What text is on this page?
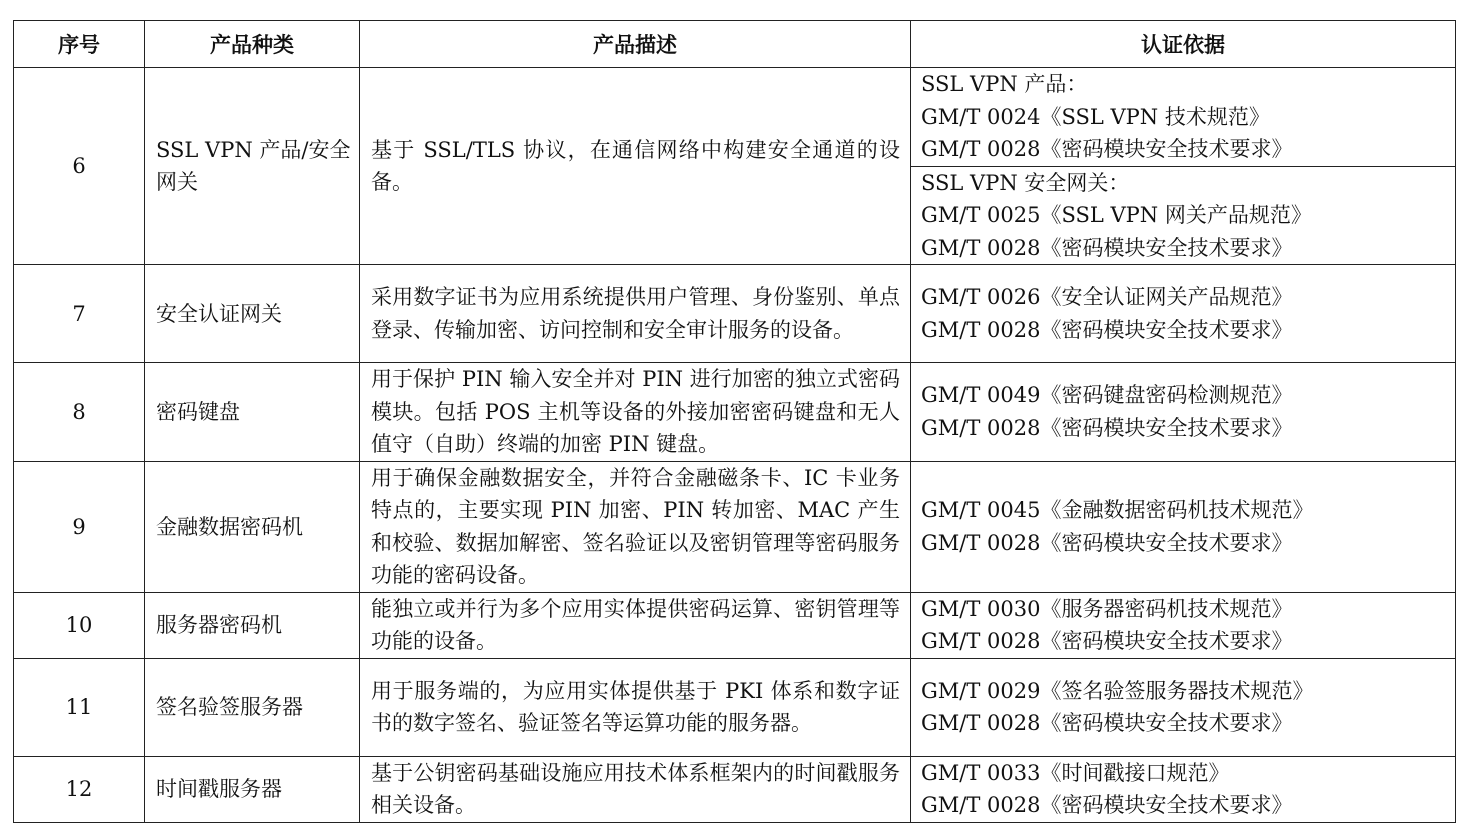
序号	产品种类	产品描述	认证依据
6	SSL VPN 产品/安全网关	基于 SSL/TLS 协议，在通信网络中构建安全通道的设备。	SSL VPN 产品：
GM/T 0024《SSL VPN 技术规范》
GM/T 0028《密码模块安全技术要求》

			SSL VPN 安全网关：
GM/T 0025《SSL VPN 网关产品规范》
GM/T 0028《密码模块安全技术要求》

7	安全认证网关	采用数字证书为应用系统提供用户管理、身份鉴别、单点登录、传输加密、访问控制和安全审计服务的设备。	GM/T 0026《安全认证网关产品规范》
GM/T 0028《密码模块安全技术要求》

8	密码键盘	用于保护 PIN 输入安全并对 PIN 进行加密的独立式密码模块。包括 POS 主机等设备的外接加密密码键盘和无人值守（自助）终端的加密 PIN 键盘。	GM/T 0049《密码键盘密码检测规范》
GM/T 0028《密码模块安全技术要求》

9	金融数据密码机	用于确保金融数据安全，并符合金融磁条卡、IC 卡业务特点的，主要实现 PIN 加密、PIN 转加密、MAC 产生和校验、数据加解密、签名验证以及密钥管理等密码服务功能的密码设备。	GM/T 0045《金融数据密码机技术规范》
GM/T 0028《密码模块安全技术要求》

10	服务器密码机	能独立或并行为多个应用实体提供密码运算、密钥管理等功能的设备。	GM/T 0030《服务器密码机技术规范》
GM/T 0028《密码模块安全技术要求》

11	签名验签服务器	用于服务端的，为应用实体提供基于 PKI 体系和数字证书的数字签名、验证签名等运算功能的服务器。	GM/T 0029《签名验签服务器技术规范》
GM/T 0028《密码模块安全技术要求》

12	时间戳服务器	基于公钥密码基础设施应用技术体系框架内的时间戳服务相关设备。	GM/T 0033《时间戳接口规范》
GM/T 0028《密码模块安全技术要求》
